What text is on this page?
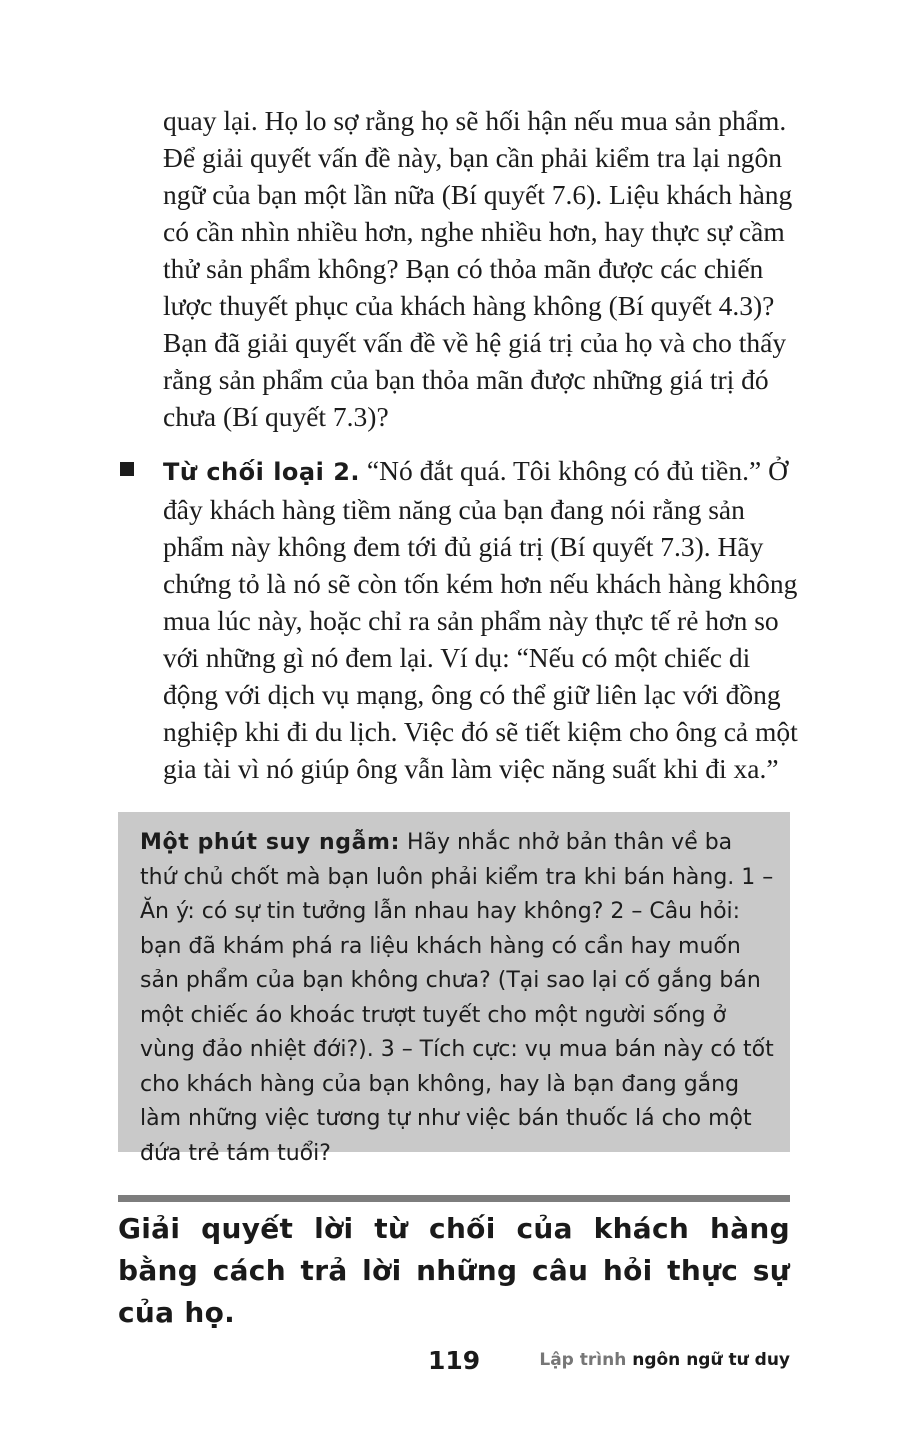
quay lại. Họ lo sợ rằng họ sẽ hối hận nếu mua sản phẩm. Để giải quyết vấn đề này, bạn cần phải kiểm tra lại ngôn ngữ của bạn một lần nữa (Bí quyết 7.6). Liệu khách hàng có cần nhìn nhiều hơn, nghe nhiều hơn, hay thực sự cầm thử sản phẩm không? Bạn có thỏa mãn được các chiến lược thuyết phục của khách hàng không (Bí quyết 4.3)? Bạn đã giải quyết vấn đề về hệ giá trị của họ và cho thấy rằng sản phẩm của bạn thỏa mãn được những giá trị đó chưa (Bí quyết 7.3)?

Từ chối loại 2. “Nó đắt quá. Tôi không có đủ tiền.” Ở đây khách hàng tiềm năng của bạn đang nói rằng sản phẩm này không đem tới đủ giá trị (Bí quyết 7.3). Hãy chứng tỏ là nó sẽ còn tốn kém hơn nếu khách hàng không mua lúc này, hoặc chỉ ra sản phẩm này thực tế rẻ hơn so với những gì nó đem lại. Ví dụ: “Nếu có một chiếc di động với dịch vụ mạng, ông có thể giữ liên lạc với đồng nghiệp khi đi du lịch. Việc đó sẽ tiết kiệm cho ông cả một gia tài vì nó giúp ông vẫn làm việc năng suất khi đi xa.”

Một phút suy ngẫm: Hãy nhắc nhở bản thân về ba thứ chủ chốt mà bạn luôn phải kiểm tra khi bán hàng. 1 – Ăn ý: có sự tin tưởng lẫn nhau hay không? 2 – Câu hỏi: bạn đã khám phá ra liệu khách hàng có cần hay muốn sản phẩm của bạn không chưa? (Tại sao lại cố gắng bán một chiếc áo khoác trượt tuyết cho một người sống ở vùng đảo nhiệt đới?). 3 – Tích cực: vụ mua bán này có tốt cho khách hàng của bạn không, hay là bạn đang gắng làm những việc tương tự như việc bán thuốc lá cho một đứa trẻ tám tuổi?

Giải quyết lời từ chối của khách hàng bằng cách trả lời những câu hỏi thực sự của họ.

119	Lập trình ngôn ngữ tư duy
